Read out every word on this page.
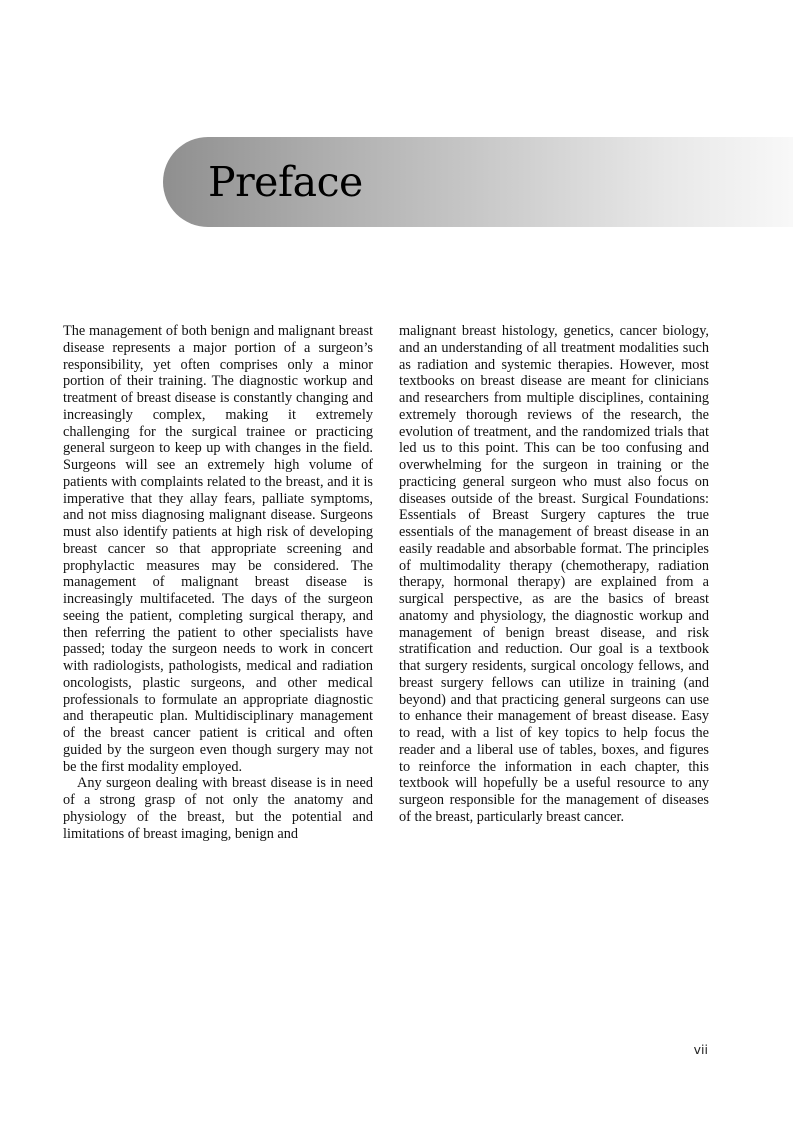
Preface

The management of both benign and malignant breast disease represents a major portion of a surgeon’s responsibility, yet often comprises only a minor portion of their training. The diagnostic workup and treatment of breast disease is constantly changing and increasingly complex, making it extremely challenging for the surgical trainee or practicing general surgeon to keep up with changes in the field. Surgeons will see an extremely high volume of patients with complaints related to the breast, and it is imperative that they allay fears, palliate symptoms, and not miss diagnosing malignant disease. Surgeons must also identify patients at high risk of developing breast cancer so that appropriate screening and prophylactic measures may be considered. The management of malignant breast disease is increasingly multifaceted. The days of the surgeon seeing the patient, completing surgical therapy, and then referring the patient to other specialists have passed; today the surgeon needs to work in concert with radiologists, pathologists, medical and radiation oncologists, plastic surgeons, and other medical professionals to formulate an appropriate diagnostic and therapeutic plan. Multidisciplinary management of the breast cancer patient is critical and often guided by the surgeon even though surgery may not be the first modality employed.

Any surgeon dealing with breast disease is in need of a strong grasp of not only the anatomy and physiology of the breast, but the potential and limitations of breast imaging, benign and

malignant breast histology, genetics, cancer biology, and an understanding of all treatment modalities such as radiation and systemic therapies. However, most textbooks on breast disease are meant for clinicians and researchers from multiple disciplines, containing extremely thorough reviews of the research, the evolution of treatment, and the randomized trials that led us to this point. This can be too confusing and overwhelming for the surgeon in training or the practicing general surgeon who must also focus on diseases outside of the breast. Surgical Foundations: Essentials of Breast Surgery captures the true essentials of the management of breast disease in an easily readable and absorbable format. The principles of multimodality therapy (chemotherapy, radiation therapy, hormonal therapy) are explained from a surgical perspective, as are the basics of breast anatomy and physiology, the diagnostic workup and management of benign breast disease, and risk stratification and reduction. Our goal is a textbook that surgery residents, surgical oncology fellows, and breast surgery fellows can utilize in training (and beyond) and that practicing general surgeons can use to enhance their management of breast disease. Easy to read, with a list of key topics to help focus the reader and a liberal use of tables, boxes, and figures to reinforce the information in each chapter, this textbook will hopefully be a useful resource to any surgeon responsible for the management of diseases of the breast, particularly breast cancer.

vii
